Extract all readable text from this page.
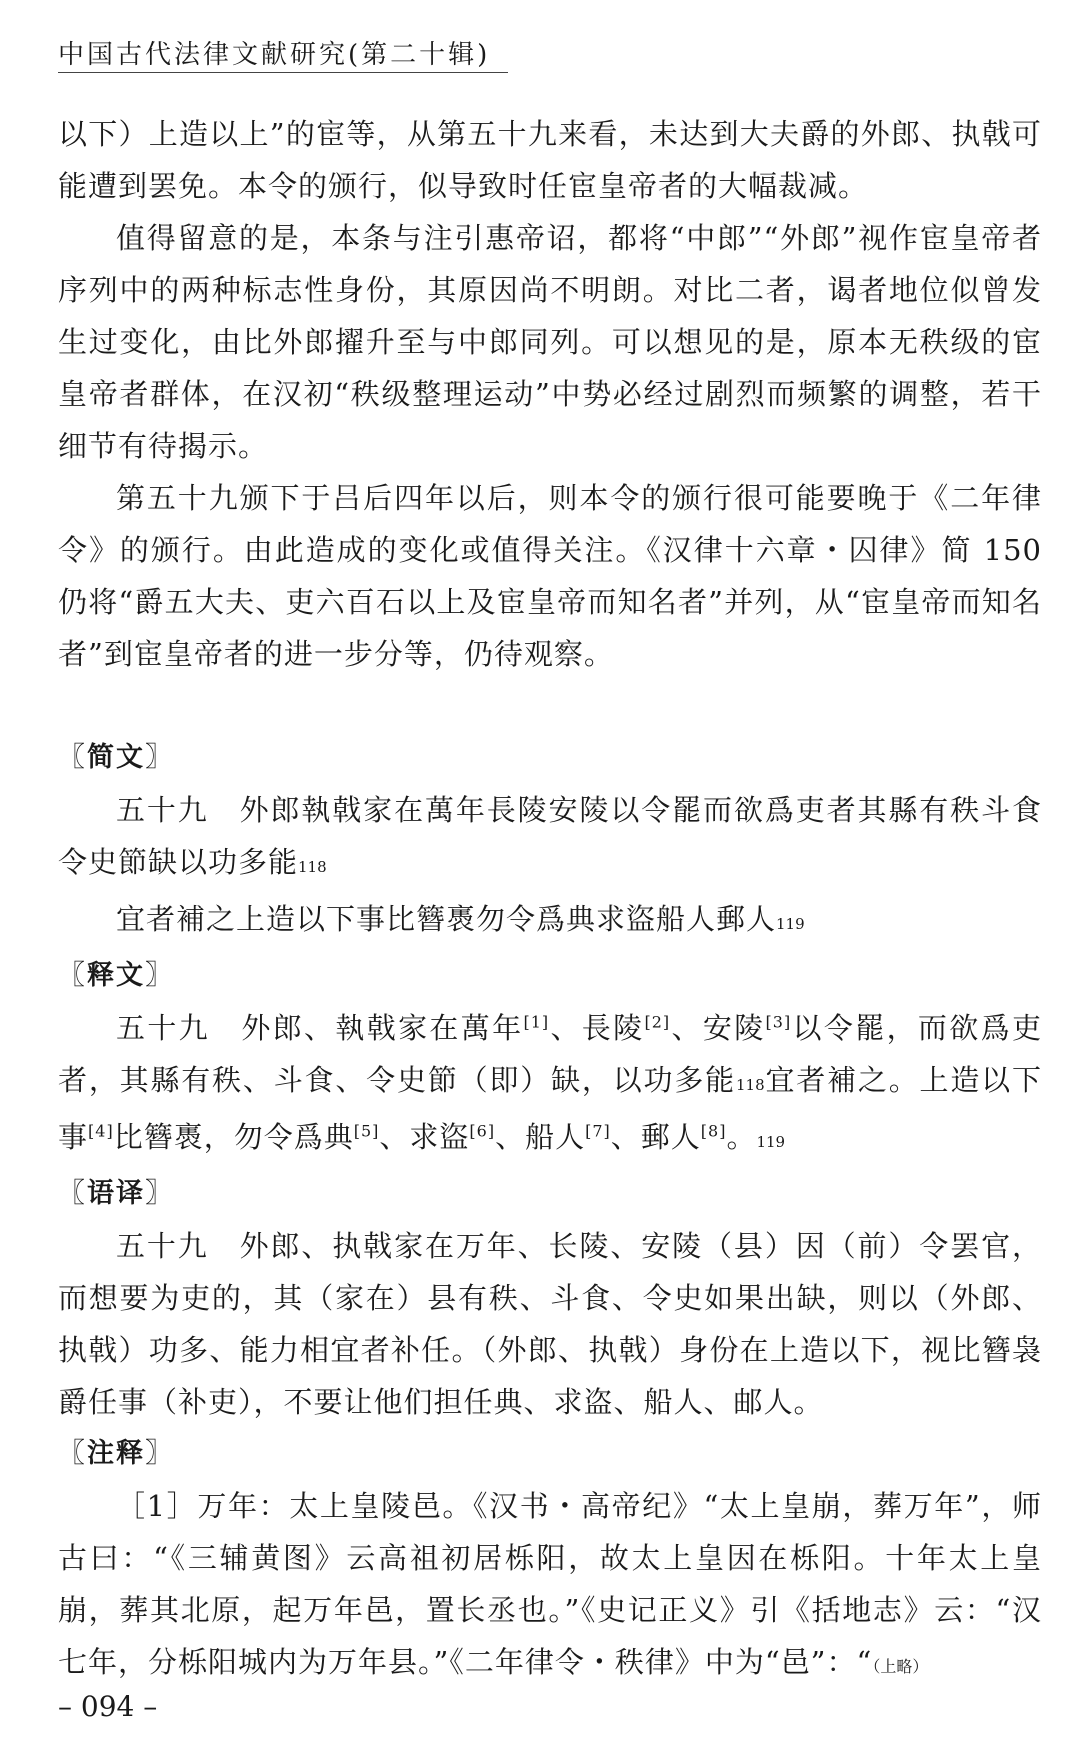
中国古代法律文献研究(第二十辑)

以下）上造以上”的宦等，从第五十九来看，未达到大夫爵的外郎、执戟可能遭到罢免。本令的颁行，似导致时任宦皇帝者的大幅裁减。

值得留意的是，本条与注引惠帝诏，都将“中郎”“外郎”视作宦皇帝者序列中的两种标志性身份，其原因尚不明朗。对比二者，谒者地位似曾发生过变化，由比外郎擢升至与中郎同列。可以想见的是，原本无秩级的宦皇帝者群体，在汉初“秩级整理运动”中势必经过剧烈而频繁的调整，若干细节有待揭示。

第五十九颁下于吕后四年以后，则本令的颁行很可能要晚于《二年律令》的颁行。由此造成的变化或值得关注。《汉律十六章・囚律》简 150 仍将“爵五大夫、吏六百石以上及宦皇帝而知名者”并列，从“宦皇帝而知名者”到宦皇帝者的进一步分等，仍待观察。

〖简文〗

五十九　外郎執戟家在萬年長陵安陵以令罷而欲爲吏者其縣有秩斗食令史節缺以功多能118

宜者補之上造以下事比簪褭勿令爲典求盜船人郵人119

〖释文〗

五十九　外郎、執戟家在萬年[1]、長陵[2]、安陵[3]以令罷，而欲爲吏者，其縣有秩、斗食、令史節（即）缺，以功多能118宜者補之。上造以下事[4]比簪褭，勿令爲典[5]、求盜[6]、船人[7]、郵人[8]。119

〖语译〗

五十九　外郎、执戟家在万年、长陵、安陵（县）因（前）令罢官，而想要为吏的，其（家在）县有秩、斗食、令史如果出缺，则以（外郎、执戟）功多、能力相宜者补任。（外郎、执戟）身份在上造以下，视比簪袅爵任事（补吏），不要让他们担任典、求盗、船人、邮人。

〖注释〗

［1］万年：太上皇陵邑。《汉书・高帝纪》“太上皇崩，葬万年”，师古曰：“《三辅黄图》云高祖初居栎阳，故太上皇因在栎阳。十年太上皇崩，葬其北原，起万年邑，置长丞也。”《史记正义》引《括地志》云：“汉七年，分栎阳城内为万年县。”《二年律令・秩律》中为“邑”：“（上略）

– 094 –
